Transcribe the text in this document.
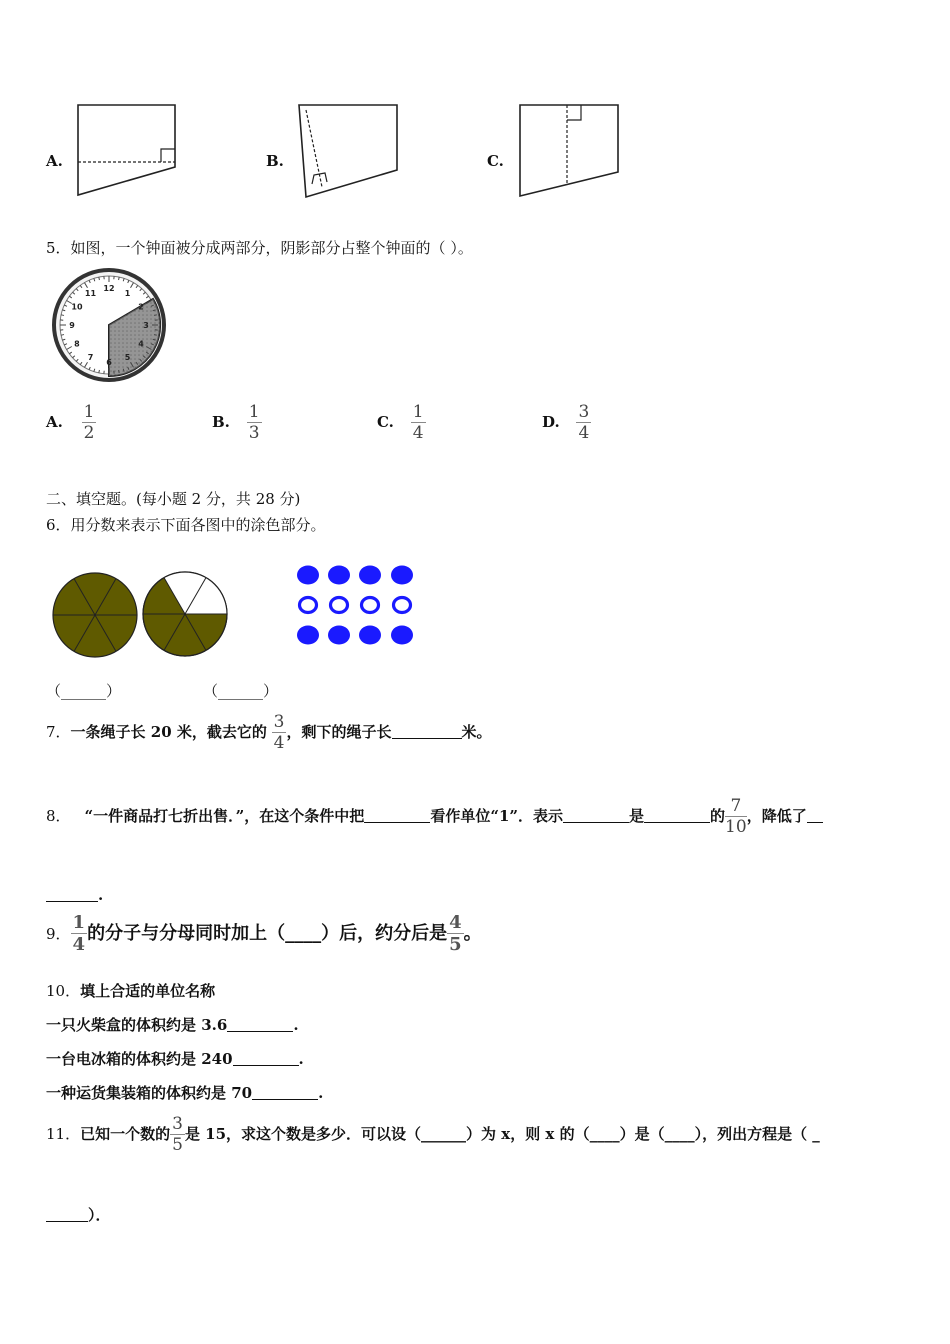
A.	B.	C.
5．如图，一个钟面被分成两部分，阴影部分占整个钟面的（ ）。
12
1
2
3
4
5
6
7
8
9
10
11
A. $\frac{1}{2}$	B. $\frac{1}{3}$	C. $\frac{1}{4}$	D. $\frac{3}{4}$
二、填空题。(每小题 2 分，共 28 分)
6．用分数来表示下面各图中的涂色部分。
（______）	（______）
7．一条绳子长 20 米，截去它的 $\frac{3}{4}$ ，剩下的绳子长	米。
8． “一件商品打七折出售．”，在这个条件中把	看作单位“1”．表示	是	的 $\frac{7}{10}$ ，降低了
.
9． $\frac{1}{4}$ 的分子与分母同时加上（____）后，约分后是 $\frac{4}{5}$ 。
10．填上合适的单位名称
一只火柴盒的体积约是 3.6	.
一台电冰箱的体积约是 240	.
一种运货集装箱的体积约是 70	.
11．已知一个数的 $\frac{3}{5}$ 是 15，求这个数是多少．可以设（______）为 x，则 x 的（____）是（____），列出方程是（ _
）．
